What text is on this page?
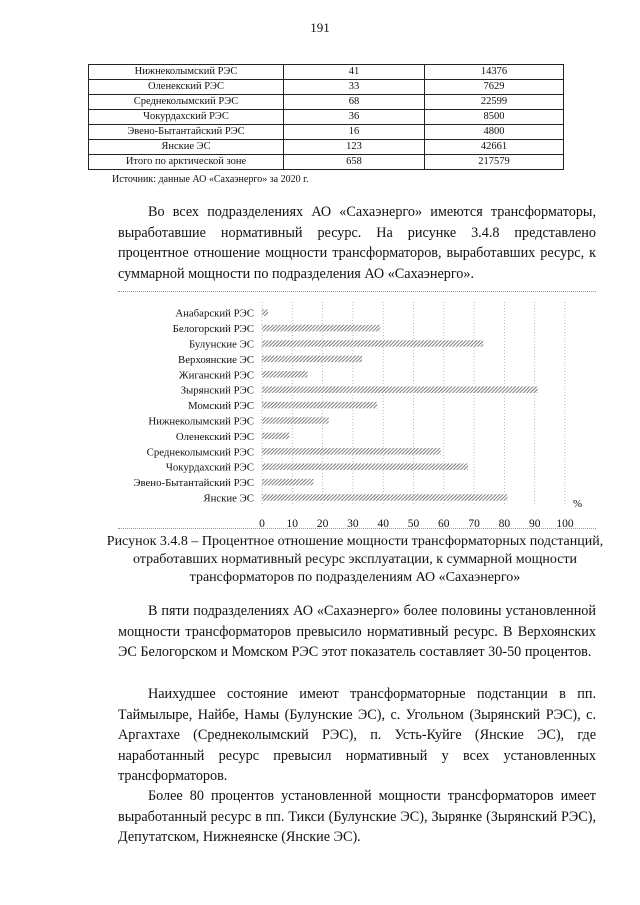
191
Нижнеколымский РЭС	41	14376
Оленекский РЭС	33	7629
Среднеколымский РЭС	68	22599
Чокурдахский РЭС	36	8500
Эвено-Бытантайский РЭС	16	4800
Янские ЭС	123	42661
Итого по арктической зоне	658	217579
Источник: данные АО «Сахаэнерго» за 2020 г.

Во всех подразделениях АО «Сахаэнерго» имеются трансформаторы, выработавшие нормативный ресурс. На рисунке 3.4.8 представлено процентное отношение мощности трансформаторов, выработавших ресурс, к суммарной мощности по подразделения АО «Сахаэнерго».

0 10 20 30 40 50 60 70 80 90 100
Анабарский РЭС
Белогорский РЭС
Булунские ЭС
Верхоянские ЭС
Жиганский РЭС
Зырянский РЭС
Момский РЭС
Нижнеколымский РЭС
Оленекский РЭС
Среднеколымский РЭС
Чокурдахский РЭС
Эвено-Бытантайский РЭС
Янские ЭС	%

Рисунок 3.4.8 – Процентное отношение мощности трансформаторных подстанций, отработавших нормативный ресурс эксплуатации, к суммарной мощности трансформаторов по подразделениям АО «Сахаэнерго»

В пяти подразделениях АО «Сахаэнерго» более половины установленной мощности трансформаторов превысило нормативный ресурс. В Верхоянских ЭС Белогорском и Момском РЭС этот показатель составляет 30-50 процентов.

Наихудшее состояние имеют трансформаторные подстанции в пп. Таймылыре, Найбе, Намы (Булунские ЭС), с. Угольном (Зырянский РЭС), с. Аргахтахе (Среднеколымский РЭС), п. Усть-Куйге (Янские ЭС), где наработанный ресурс превысил нормативный у всех установленных трансформаторов.

Более 80 процентов установленной мощности трансформаторов имеет выработанный ресурс в пп. Тикси (Булунские ЭС), Зырянке (Зырянский РЭС), Депутатском, Нижнеянске (Янские ЭС).
